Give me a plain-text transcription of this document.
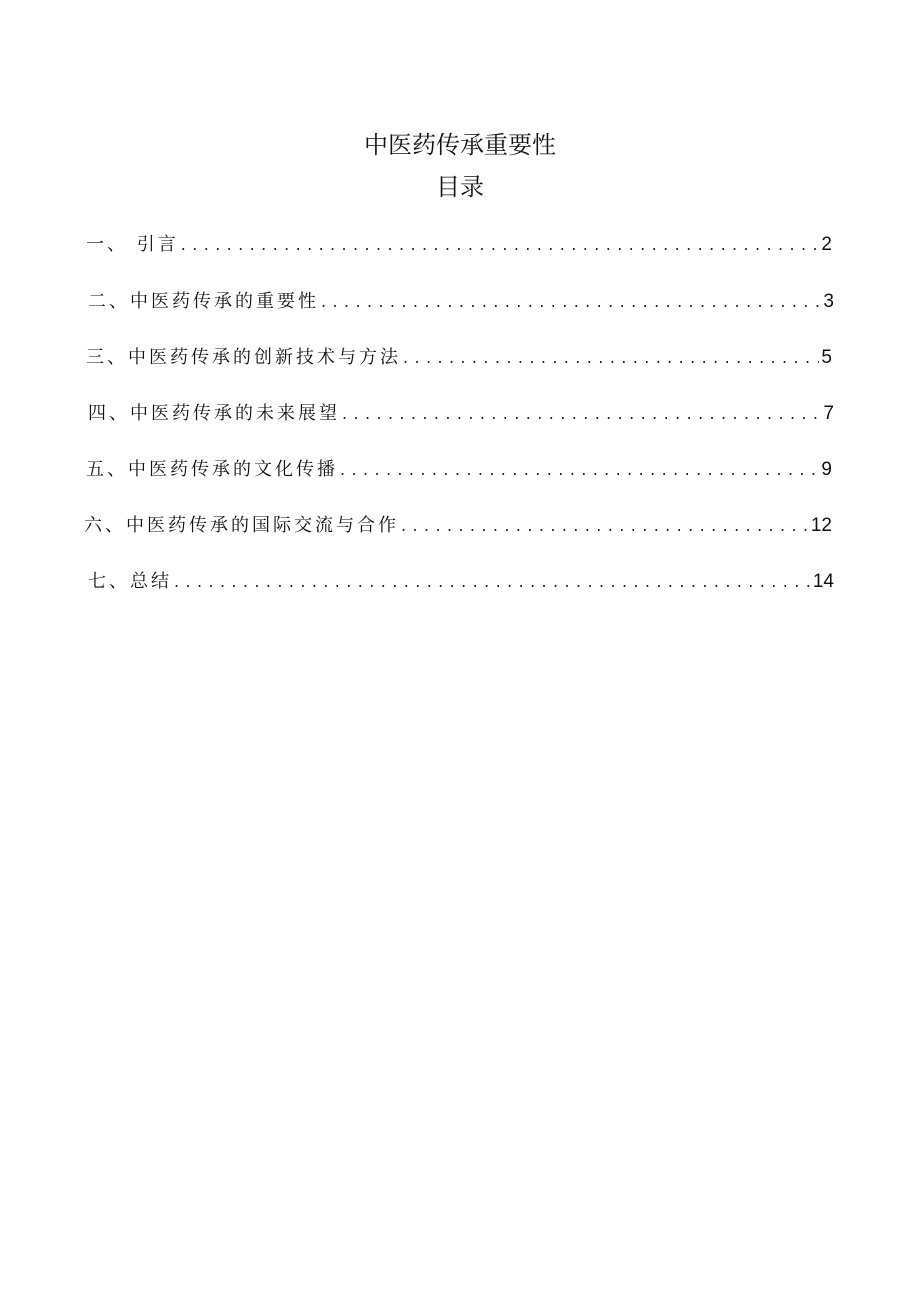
中医药传承重要性
目录
一、 引言 .....	2
二、中医药传承的重要性 .....	3
三、中医药传承的创新技术与方法 .....	5
四、中医药传承的未来展望 .....	7
五、中医药传承的文化传播 .....	9
六、中医药传承的国际交流与合作 .....	12
七、总结 .....	14
